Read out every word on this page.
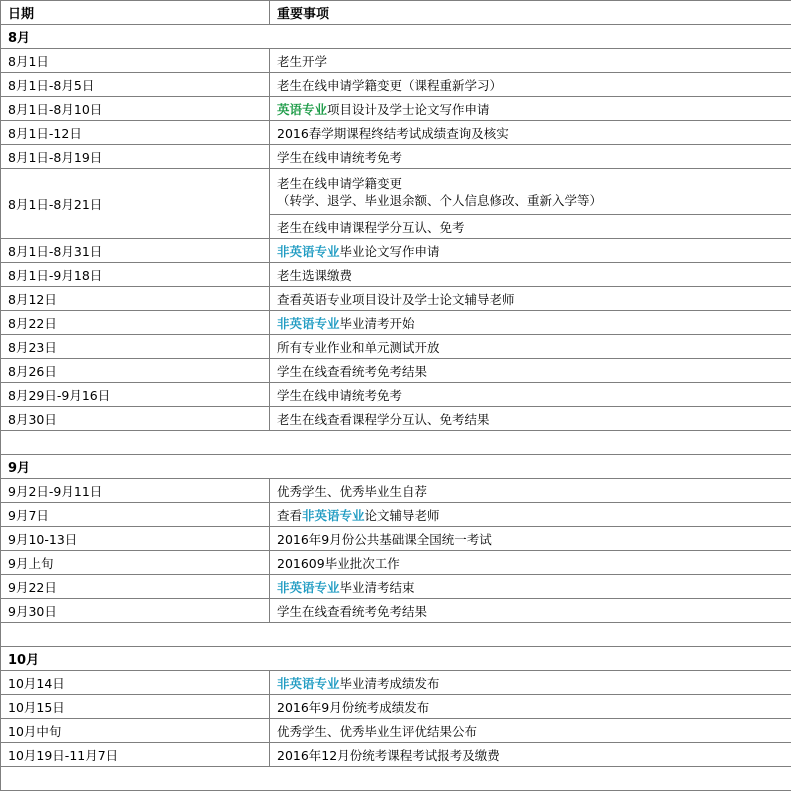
日期	重要事项
8月	
8月1日	老生开学
8月1日-8月5日	老生在线申请学籍变更（课程重新学习）
8月1日-8月10日	英语专业项目设计及学士论文写作申请
8月1日-12日	2016春学期课程终结考试成绩查询及核实
8月1日-8月19日	学生在线申请统考免考
8月1日-8月21日	老生在线申请学籍变更
（转学、退学、毕业退余额、个人信息修改、重新入学等）

	老生在线申请课程学分互认、免考
8月1日-8月31日	非英语专业毕业论文写作申请
8月1日-9月18日	老生选课缴费
8月12日	查看英语专业项目设计及学士论文辅导老师
8月22日	非英语专业毕业清考开始
8月23日	所有专业作业和单元测试开放
8月26日	学生在线查看统考免考结果
8月29日-9月16日	学生在线申请统考免考
8月30日	老生在线查看课程学分互认、免考结果

9月	
9月2日-9月11日	优秀学生、优秀毕业生自荐
9月7日	查看非英语专业论文辅导老师
9月10-13日	2016年9月份公共基础课全国统一考试
9月上旬	201609毕业批次工作
9月22日	非英语专业毕业清考结束
9月30日	学生在线查看统考免考结果

10月	
10月14日	非英语专业毕业清考成绩发布
10月15日	2016年9月份统考成绩发布
10月中旬	优秀学生、优秀毕业生评优结果公布
10月19日-11月7日	2016年12月份统考课程考试报考及缴费
